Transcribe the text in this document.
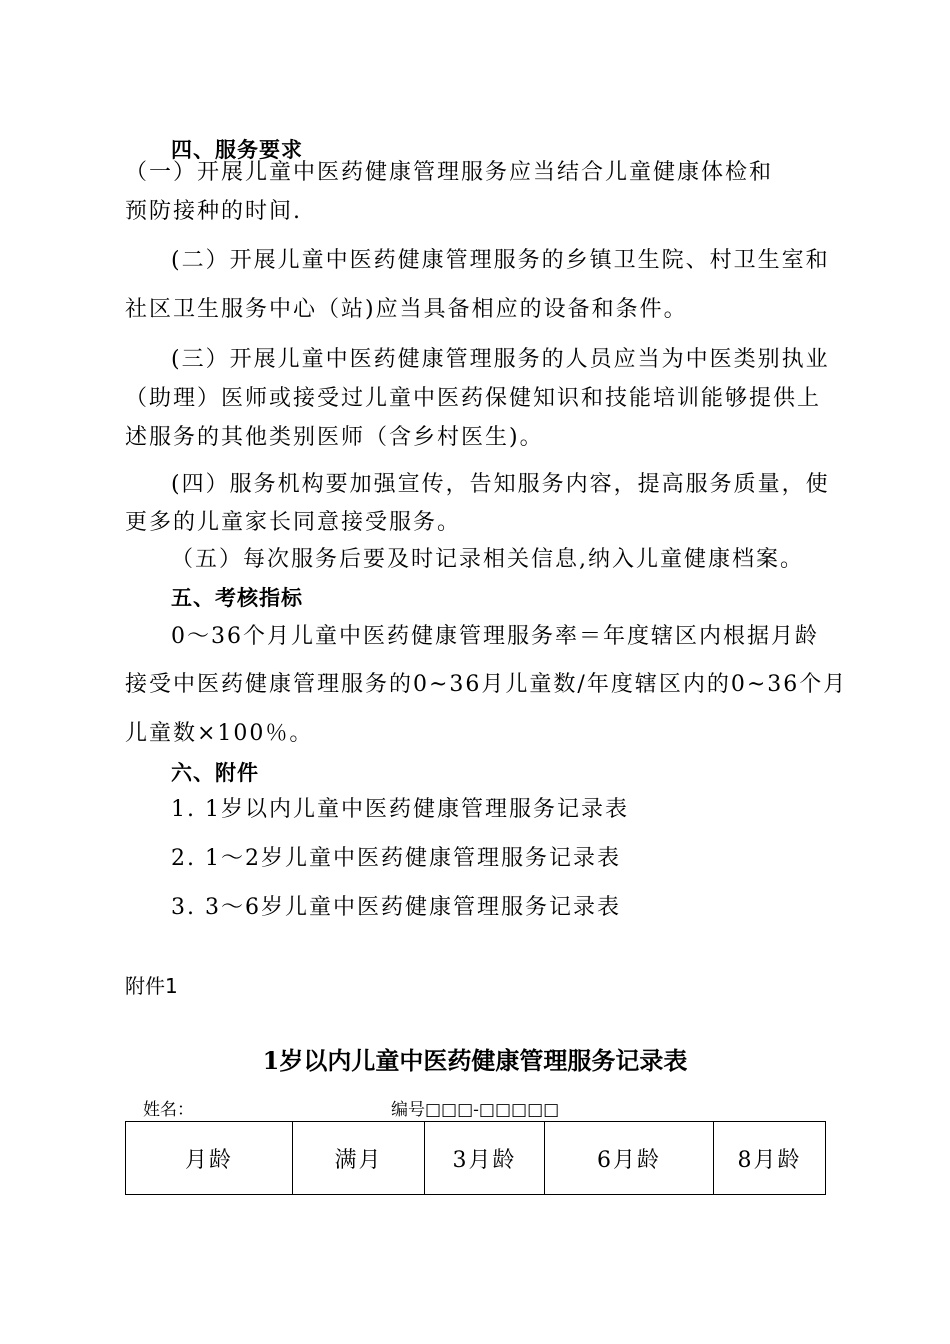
四、服务要求
（一）开展儿童中医药健康管理服务应当结合儿童健康体检和
预防接种的时间.
(二）开展儿童中医药健康管理服务的乡镇卫生院、村卫生室和
社区卫生服务中心（站)应当具备相应的设备和条件。
(三）开展儿童中医药健康管理服务的人员应当为中医类别执业
（助理）医师或接受过儿童中医药保健知识和技能培训能够提供上
述服务的其他类别医师（含乡村医生)。
(四）服务机构要加强宣传，告知服务内容，提高服务质量，使
更多的儿童家长同意接受服务。
（五）每次服务后要及时记录相关信息,纳入儿童健康档案。
五、考核指标
0～36个月儿童中医药健康管理服务率＝年度辖区内根据月龄
接受中医药健康管理服务的0~36月儿童数/年度辖区内的0~36个月
儿童数×100％。
六、附件
1. 1岁以内儿童中医药健康管理服务记录表
2. 1～2岁儿童中医药健康管理服务记录表
3. 3～6岁儿童中医药健康管理服务记录表
附件1
1岁以内儿童中医药健康管理服务记录表
姓名：	编号□□□-□□□□□
月龄	满月	3月龄	6月龄	8月龄
